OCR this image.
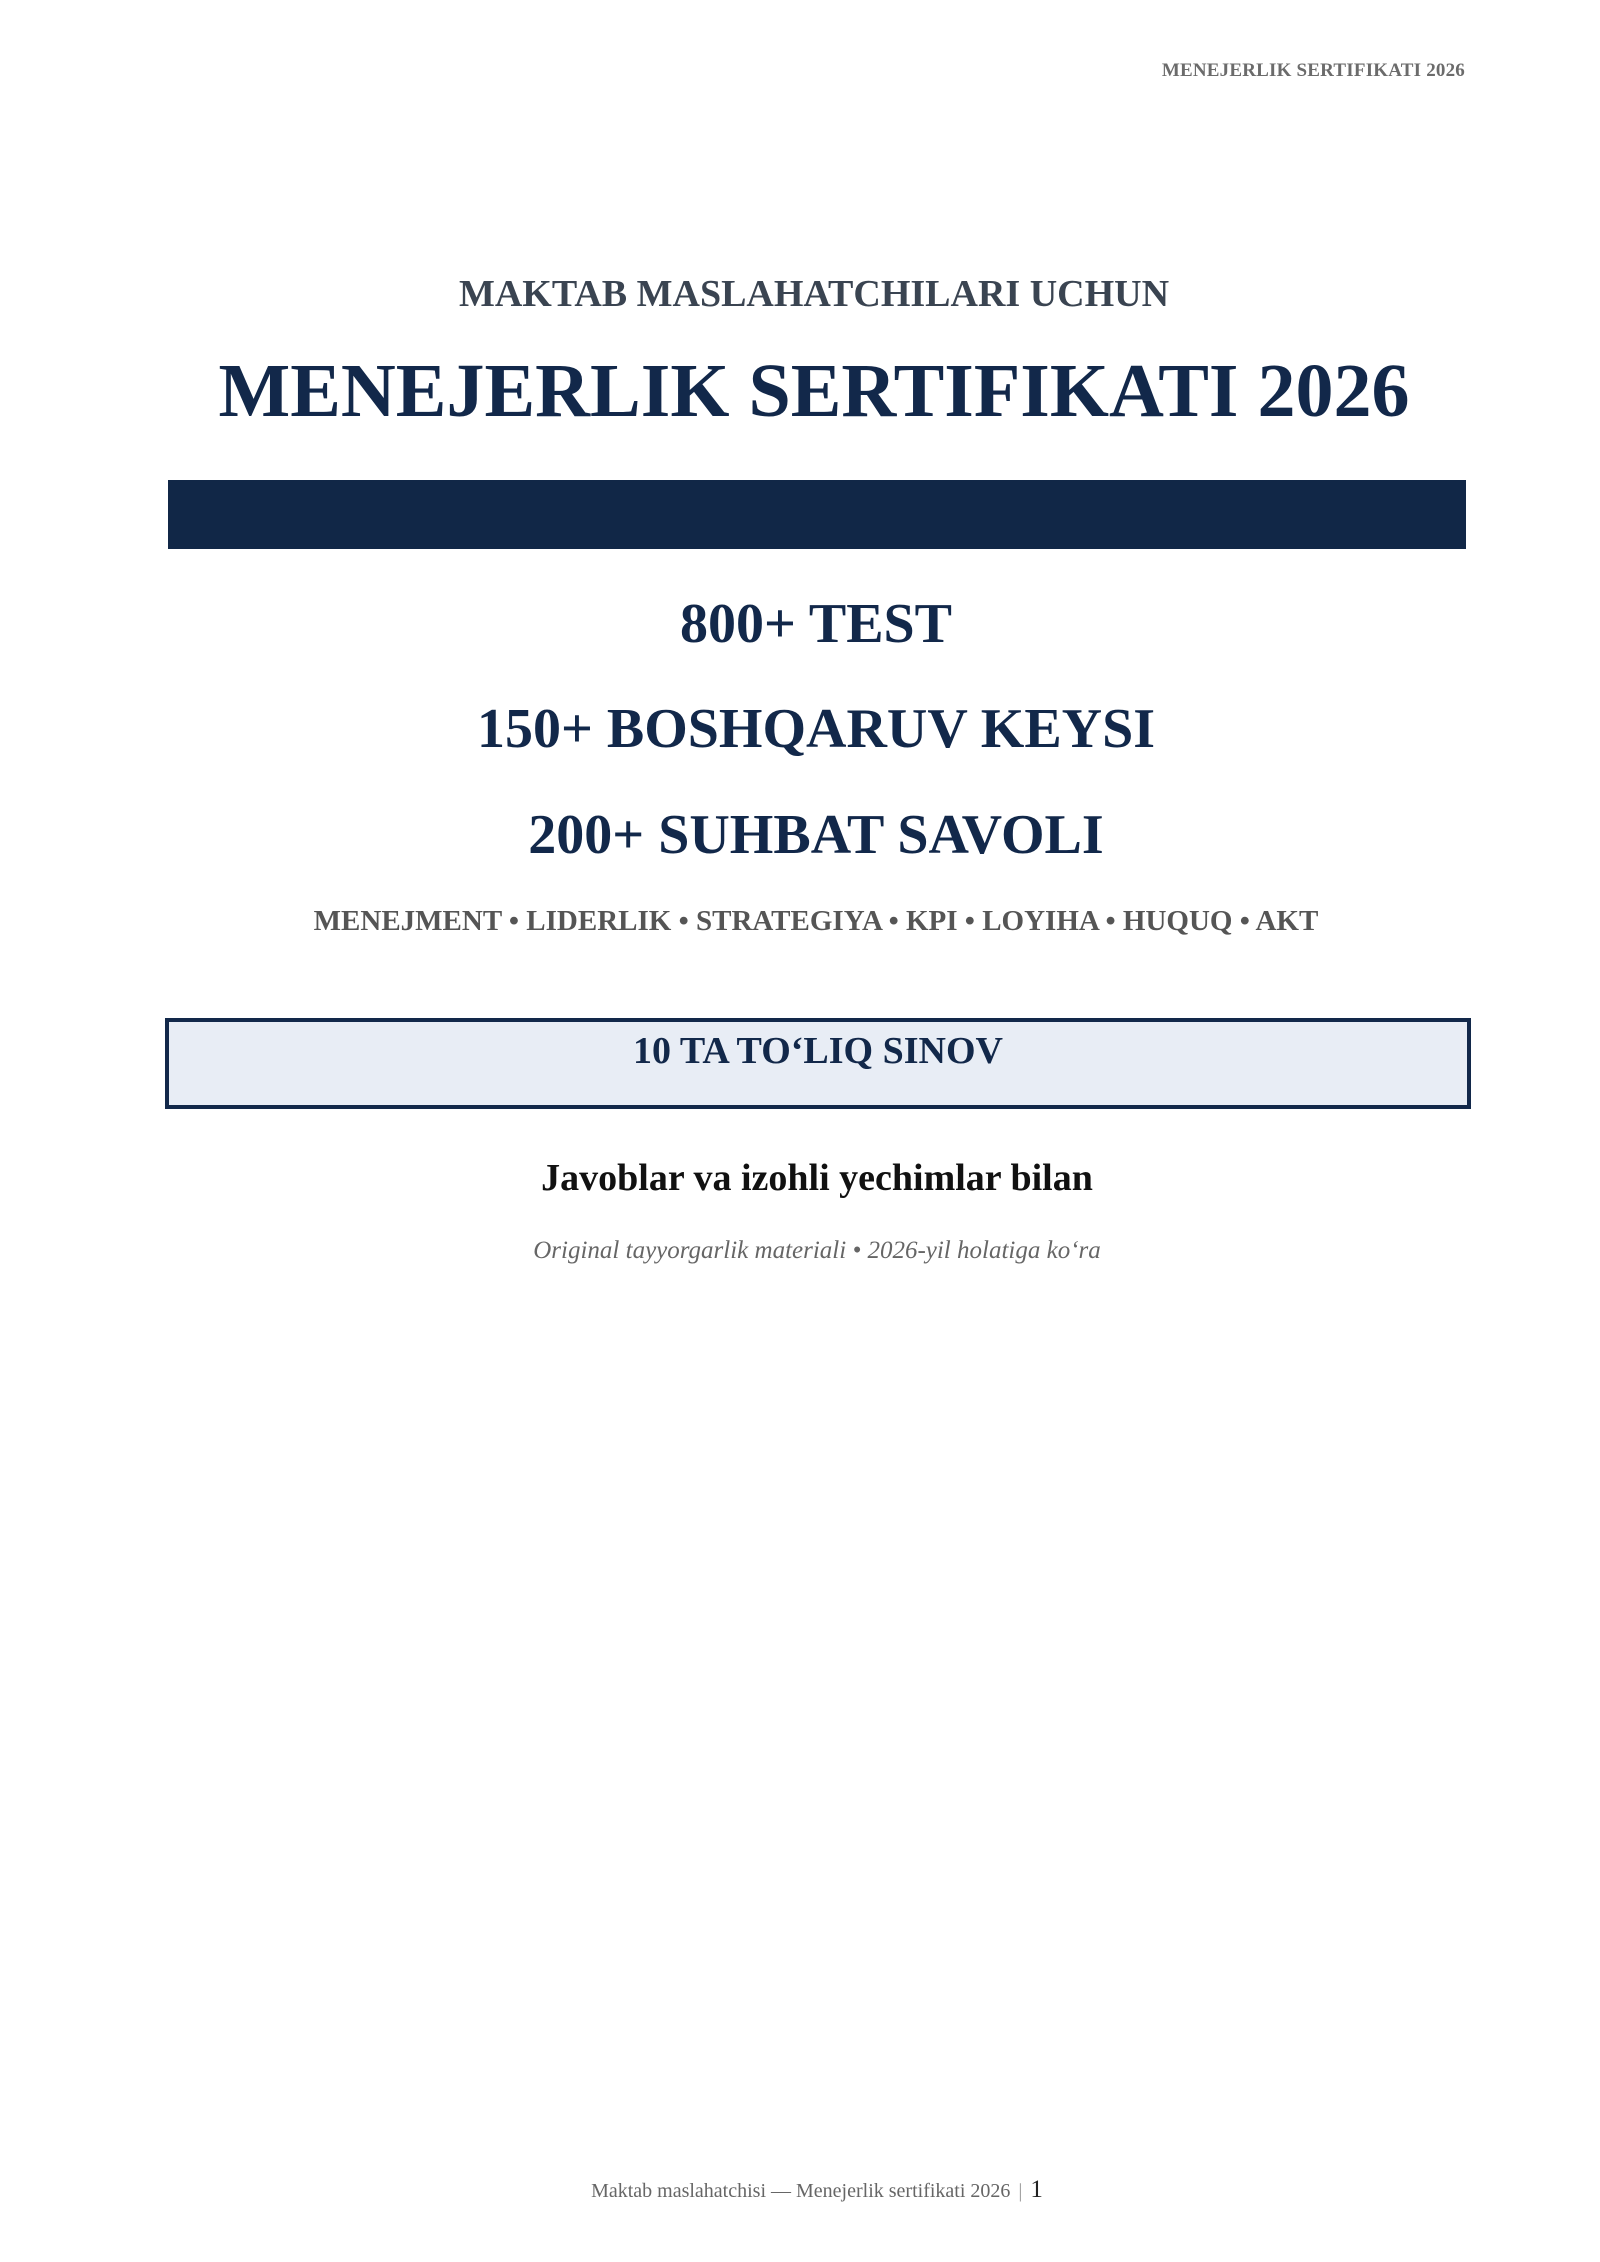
MENEJERLIK SERTIFIKATI 2026
MAKTAB MASLAHATCHILARI UCHUN
MENEJERLIK SERTIFIKATI 2026
800+ TEST
150+ BOSHQARUV KEYSI
200+ SUHBAT SAVOLI
MENEJMENT • LIDERLIK • STRATEGIYA • KPI • LOYIHA • HUQUQ • AKT
10 TA TO‘LIQ SINOV
Javoblar va izohli yechimlar bilan
Original tayyorgarlik materiali • 2026-yil holatiga ko‘ra
Maktab maslahatchisi — Menejerlik sertifikati 2026 | 1
